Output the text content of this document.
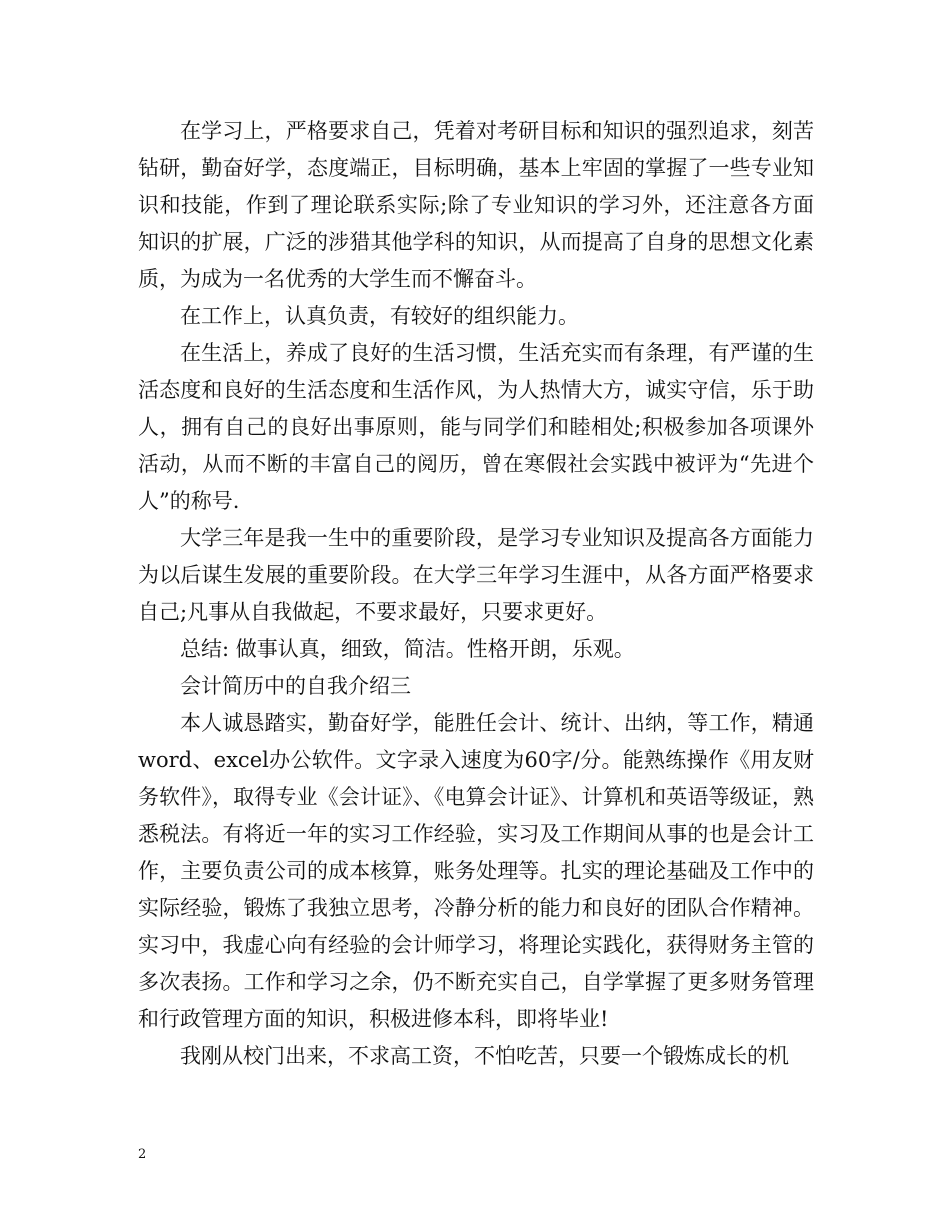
在学习上，严格要求自己，凭着对考研目标和知识的强烈追求，刻苦钻研，勤奋好学，态度端正，目标明确，基本上牢固的掌握了一些专业知识和技能，作到了理论联系实际;除了专业知识的学习外，还注意各方面知识的扩展，广泛的涉猎其他学科的知识，从而提高了自身的思想文化素质，为成为一名优秀的大学生而不懈奋斗。

在工作上，认真负责，有较好的组织能力。

在生活上，养成了良好的生活习惯，生活充实而有条理，有严谨的生活态度和良好的生活态度和生活作风，为人热情大方，诚实守信，乐于助人，拥有自己的良好出事原则，能与同学们和睦相处;积极参加各项课外活动，从而不断的丰富自己的阅历，曾在寒假社会实践中被评为“先进个人”的称号.

大学三年是我一生中的重要阶段，是学习专业知识及提高各方面能力为以后谋生发展的重要阶段。在大学三年学习生涯中，从各方面严格要求自己;凡事从自我做起，不要求最好，只要求更好。

总结: 做事认真，细致，简洁。性格开朗，乐观。

会计简历中的自我介绍三

本人诚恳踏实，勤奋好学，能胜任会计、统计、出纳，等工作，精通word、excel办公软件。文字录入速度为60字/分。能熟练操作《用友财务软件》，取得专业《会计证》、《电算会计证》、计算机和英语等级证，熟悉税法。有将近一年的实习工作经验，实习及工作期间从事的也是会计工作，主要负责公司的成本核算，账务处理等。扎实的理论基础及工作中的实际经验，锻炼了我独立思考，冷静分析的能力和良好的团队合作精神。实习中，我虚心向有经验的会计师学习，将理论实践化，获得财务主管的多次表扬。工作和学习之余，仍不断充实自己，自学掌握了更多财务管理和行政管理方面的知识，积极进修本科，即将毕业!

我刚从校门出来，不求高工资，不怕吃苦，只要一个锻炼成长的机

2
